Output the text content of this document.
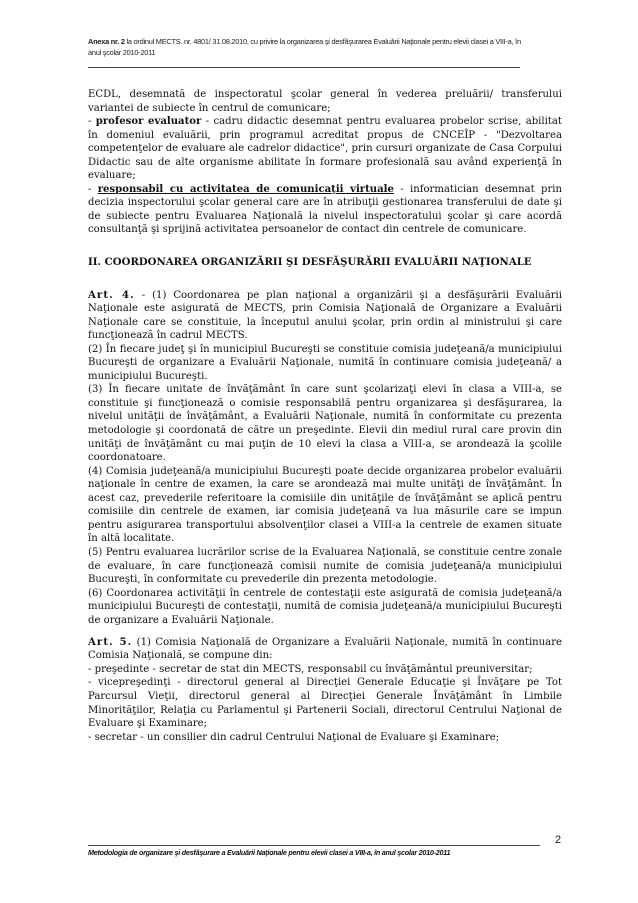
Anexa nr. 2 la ordinul MECTS. nr. 4801/ 31.08.2010, cu privire la organizarea şi desfăşurarea Evaluării Naţionale pentru elevii clasei a VIII-a, în
anul şcolar 2010-2011

ECDL, desemnată de inspectoratul şcolar general în vederea preluării/ transferului variantei de subiecte în centrul de comunicare;

- profesor evaluator - cadru didactic desemnat pentru evaluarea probelor scrise, abilitat în domeniul evaluării, prin programul acreditat propus de CNCEÎP - "Dezvoltarea competenţelor de evaluare ale cadrelor didactice", prin cursuri organizate de Casa Corpului Didactic sau de alte organisme abilitate în formare profesională sau având experienţă în evaluare;

- responsabil cu activitatea de comunicaţii virtuale - informatician desemnat prin decizia inspectorului şcolar general care are în atribuţii gestionarea transferului de date şi de subiecte pentru Evaluarea Naţională la nivelul inspectoratului şcolar şi care acordă consultanţă şi sprijină activitatea persoanelor de contact din centrele de comunicare.

II. COORDONAREA ORGANIZĂRII ŞI DESFĂŞURĂRII EVALUĂRII NAŢIONALE

Art. 4. - (1) Coordonarea pe plan naţional a organizării şi a desfăşurării Evaluării Naţionale este asigurată de MECTS, prin Comisia Naţională de Organizare a Evaluării Naţionale care se constituie, la începutul anului şcolar, prin ordin al ministrului şi care funcţionează în cadrul MECTS.

(2) În fiecare judeţ şi în municipiul Bucureşti se constituie comisia judeţeană/a municipiului Bucureşti de organizare a Evaluării Naţionale, numită în continuare comisia judeţeană/ a municipiului Bucureşti.

(3) În fiecare unitate de învăţământ în care sunt şcolarizaţi elevi în clasa a VIII-a, se constituie şi funcţionează o comisie responsabilă pentru organizarea şi desfăşurarea, la nivelul unităţii de învăţământ, a Evaluării Naţionale, numită în conformitate cu prezenta metodologie şi coordonată de către un preşedinte. Elevii din mediul rural care provin din unităţi de învăţământ cu mai puţin de 10 elevi la clasa a VIII-a, se arondează la şcolile coordonatoare.

(4) Comisia judeţeană/a municipiului Bucureşti poate decide organizarea probelor evaluării naţionale în centre de examen, la care se arondează mai multe unităţi de învăţământ. În acest caz, prevederile referitoare la comisiile din unităţile de învăţământ se aplică pentru comisiile din centrele de examen, iar comisia judeţeană va lua măsurile care se impun pentru asigurarea transportului absolvenţilor clasei a VIII-a la centrele de examen situate în altă localitate.

(5) Pentru evaluarea lucrărilor scrise de la Evaluarea Naţională, se constituie centre zonale de evaluare, în care funcţionează comisii numite de comisia judeţeană/a municipiului Bucureşti, în conformitate cu prevederile din prezenta metodologie.

(6) Coordonarea activităţii în centrele de contestaţii este asigurată de comisia judeţeană/a municipiului Bucureşti de contestaţii, numită de comisia judeţeană/a municipiului Bucureşti de organizare a Evaluării Naţionale.

Art. 5. (1) Comisia Naţională de Organizare a Evaluării Naţionale, numită în continuare Comisia Naţională, se compune din:

- preşedinte - secretar de stat din MECTS, responsabil cu învăţământul preuniversitar;

- vicepreşedinţi - directorul general al Direcţiei Generale Educaţie şi Învăţare pe Tot Parcursul Vieţii, directorul general al Direcţiei Generale Învăţământ în Limbile Minorităţilor, Relaţia cu Parlamentul şi Partenerii Sociali, directorul Centrului Naţional de Evaluare şi Examinare;

- secretar - un consilier din cadrul Centrului Naţional de Evaluare şi Examinare;

2
Metodologia de organizare şi desfăşurare a Evaluării Naţionale pentru elevii clasei a VIII-a, în anul şcolar 2010-2011
